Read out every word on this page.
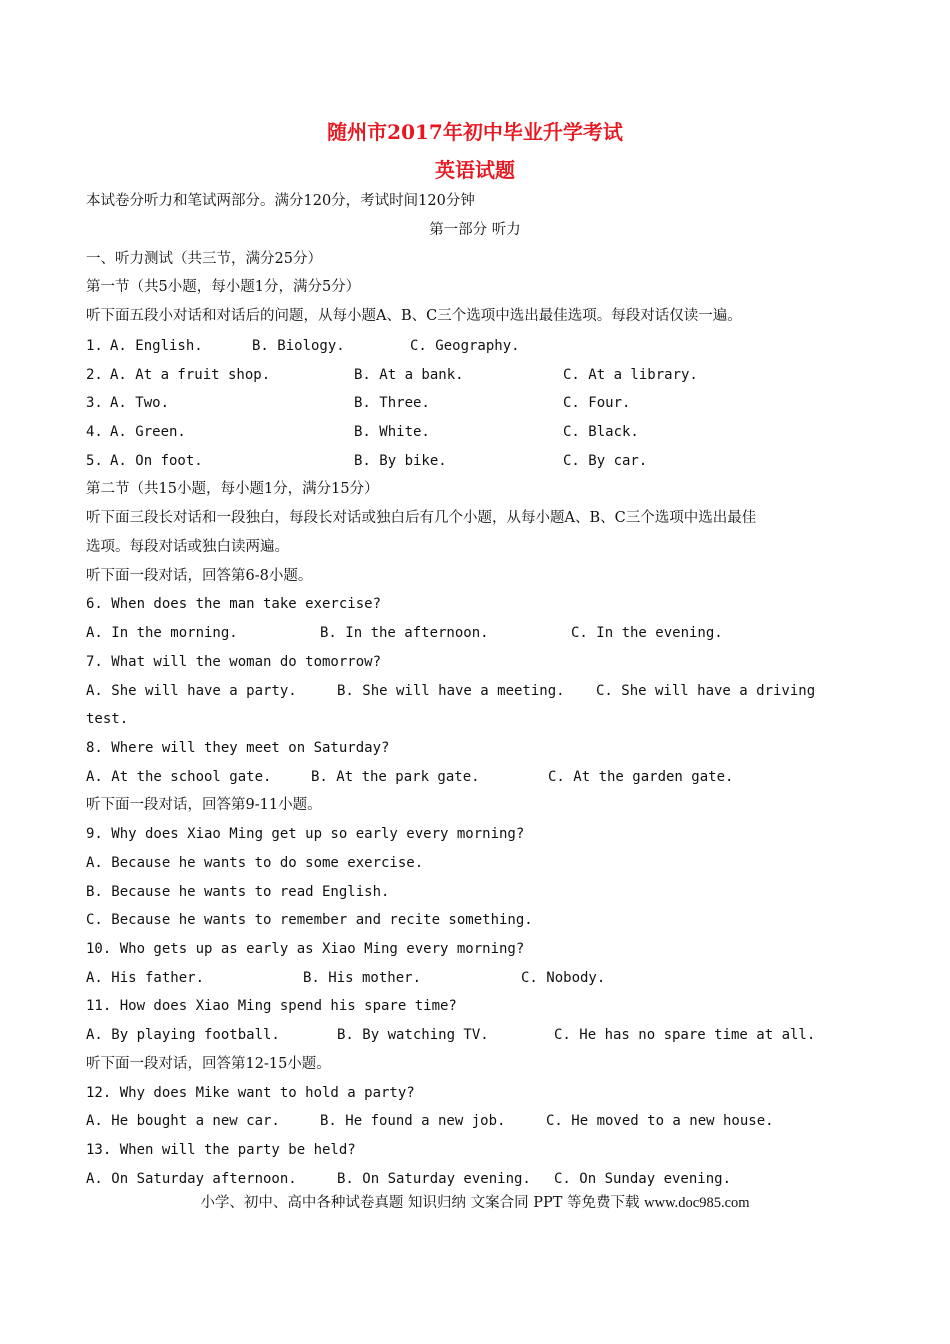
随州市2017年初中毕业升学考试
英语试题
本试卷分听力和笔试两部分。满分120分，考试时间120分钟
第一部分 听力
一、听力测试（共三节，满分25分）
第一节（共5小题，每小题1分，满分5分）
听下面五段小对话和对话后的问题，从每小题A、B、C三个选项中选出最佳选项。每段对话仅读一遍。
1. A. English.	B. Biology.	C. Geography.
2. A. At a fruit shop.	B. At a bank.	C. At a library.
3. A. Two.	B. Three.	C. Four.
4. A. Green.	B. White.	C. Black.
5. A. On foot.	B. By bike.	C. By car.
第二节（共15小题，每小题1分，满分15分）
听下面三段长对话和一段独白，每段长对话或独白后有几个小题，从每小题A、B、C三个选项中选出最佳
选项。每段对话或独白读两遍。
听下面一段对话，回答第6-8小题。
6. When does the man take exercise?
A. In the morning.	B. In the afternoon.	C. In the evening.
7. What will the woman do tomorrow?
A. She will have a party.	B. She will have a meeting. C. She will have a driving
test.
8. Where will they meet on Saturday?
A. At the school gate.	B. At the park gate.	C. At the garden gate.
听下面一段对话，回答第9-11小题。
9. Why does Xiao Ming get up so early every morning?
A. Because he wants to do some exercise.
B. Because he wants to read English.
C. Because he wants to remember and recite something.
10. Who gets up as early as Xiao Ming every morning?
A. His father.	B. His mother.	C. Nobody.
11. How does Xiao Ming spend his spare time?
A. By playing football.	B. By watching TV.	C. He has no spare time at all.
听下面一段对话，回答第12-15小题。
12. Why does Mike want to hold a party?
A. He bought a new car.	B. He found a new job.	C. He moved to a new house.
13. When will the party be held?
A. On Saturday afternoon.	B. On Saturday evening. C. On Sunday evening.
小学、初中、高中各种试卷真题 知识归纳 文案合同 PPT 等免费下载 www.doc985.com
